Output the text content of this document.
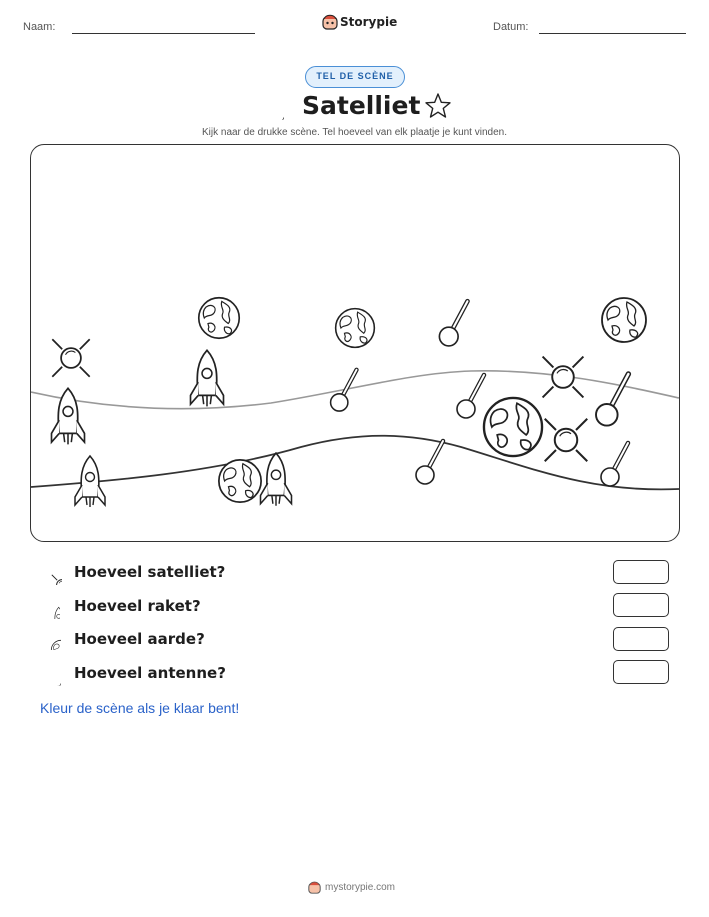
Naam:	Storypie	Datum:
TEL DE SCÈNE
Satelliet
Kijk naar de drukke scène. Tel hoeveel van elk plaatje je kunt vinden.
Hoeveel satelliet?
Hoeveel raket?
Hoeveel aarde?
Hoeveel antenne?
Kleur de scène als je klaar bent!
mystorypie.com
